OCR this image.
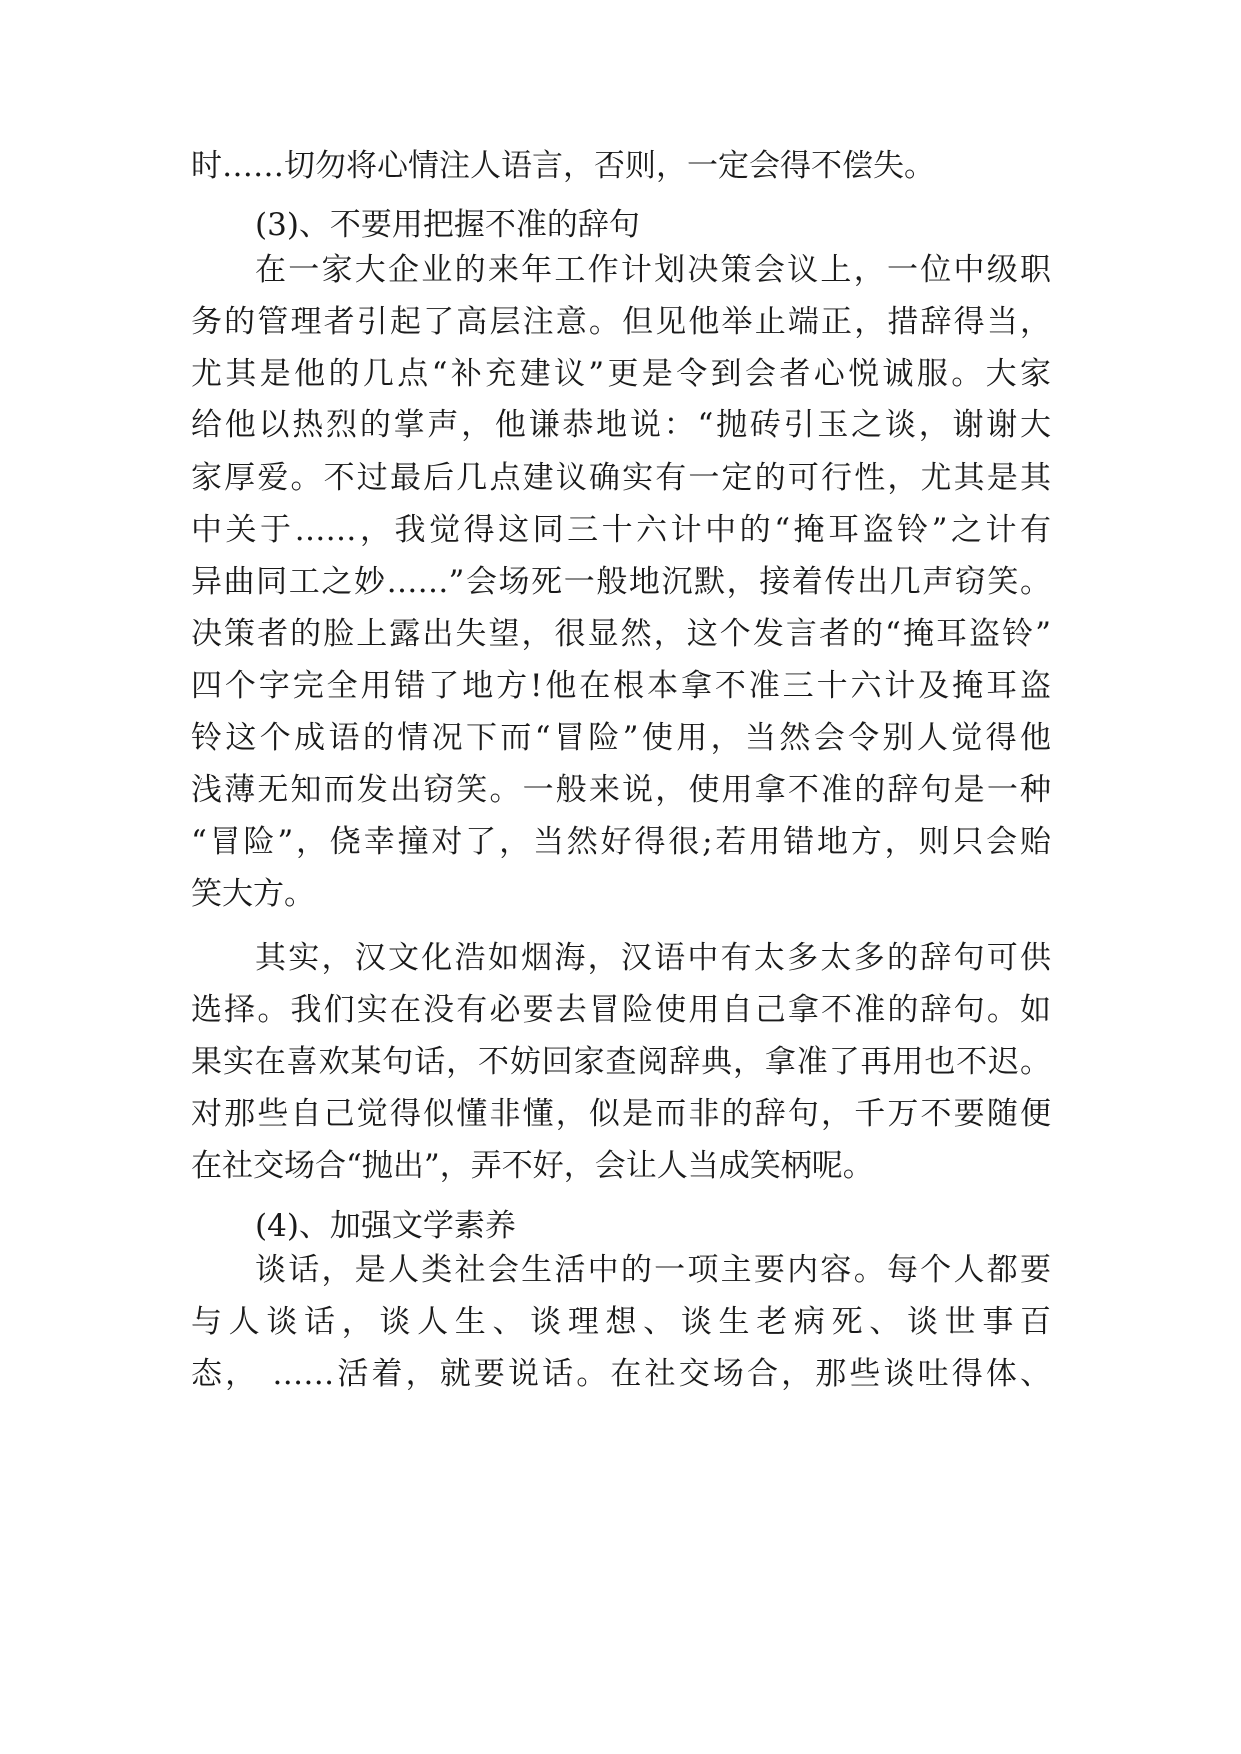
时……切勿将心情注人语言，否则，一定会得不偿失。
(3)、不要用把握不准的辞句
在一家大企业的来年工作计划决策会议上，一位中级职
务的管理者引起了高层注意。但见他举止端正，措辞得当，
尤其是他的几点“补充建议”更是令到会者心悦诚服。大家
给他以热烈的掌声，他谦恭地说：“抛砖引玉之谈，谢谢大
家厚爱。不过最后几点建议确实有一定的可行性，尤其是其
中关于……，我觉得这同三十六计中的“掩耳盗铃”之计有
异曲同工之妙……”会场死一般地沉默，接着传出几声窃笑。
决策者的脸上露出失望，很显然，这个发言者的“掩耳盗铃”
四个字完全用错了地方!他在根本拿不准三十六计及掩耳盗
铃这个成语的情况下而“冒险”使用，当然会令别人觉得他
浅薄无知而发出窃笑。一般来说，使用拿不准的辞句是一种
“冒险”，侥幸撞对了，当然好得很;若用错地方，则只会贻
笑大方。
其实，汉文化浩如烟海，汉语中有太多太多的辞句可供
选择。我们实在没有必要去冒险使用自己拿不准的辞句。如
果实在喜欢某句话，不妨回家查阅辞典，拿准了再用也不迟。
对那些自己觉得似懂非懂，似是而非的辞句，千万不要随便
在社交场合“抛出”，弄不好，会让人当成笑柄呢。
(4)、加强文学素养
谈话，是人类社会生活中的一项主要内容。每个人都要
与人谈话，谈人生、谈理想、谈生老病死、谈世事百
态， ……活着，就要说话。在社交场合，那些谈吐得体、
